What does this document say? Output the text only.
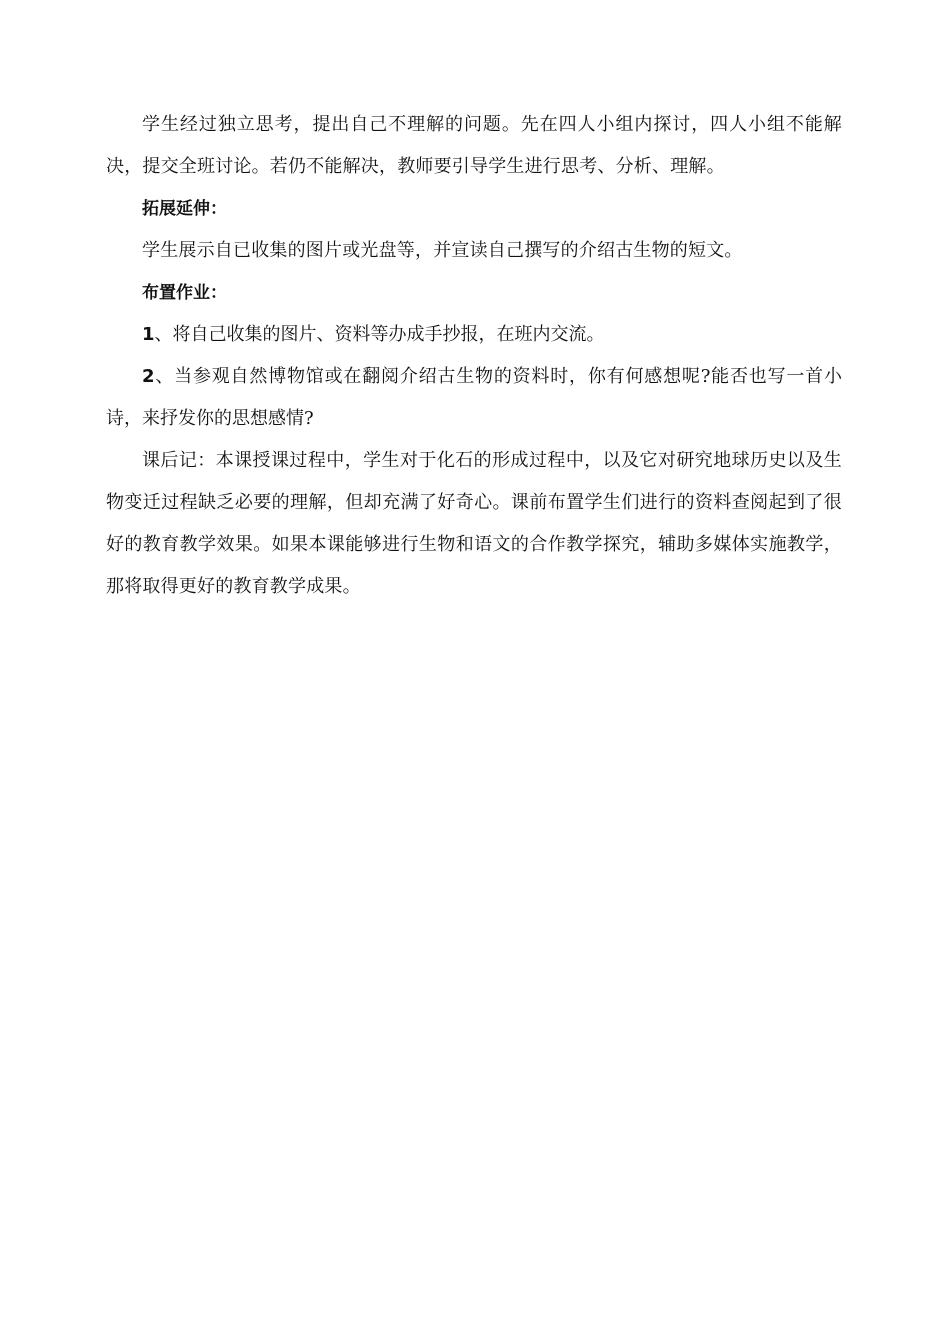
学生经过独立思考，提出自己不理解的问题。先在四人小组内探讨，四人小组不能解决，提交全班讨论。若仍不能解决，教师要引导学生进行思考、分析、理解。

拓展延伸：

学生展示自已收集的图片或光盘等，并宣读自己撰写的介绍古生物的短文。

布置作业：

1、将自己收集的图片、资料等办成手抄报，在班内交流。

2、当参观自然博物馆或在翻阅介绍古生物的资料时，你有何感想呢?能否也写一首小诗，来抒发你的思想感情?

课后记：本课授课过程中，学生对于化石的形成过程中，以及它对研究地球历史以及生物变迁过程缺乏必要的理解，但却充满了好奇心。课前布置学生们进行的资料查阅起到了很好的教育教学效果。如果本课能够进行生物和语文的合作教学探究，辅助多媒体实施教学，那将取得更好的教育教学成果。
